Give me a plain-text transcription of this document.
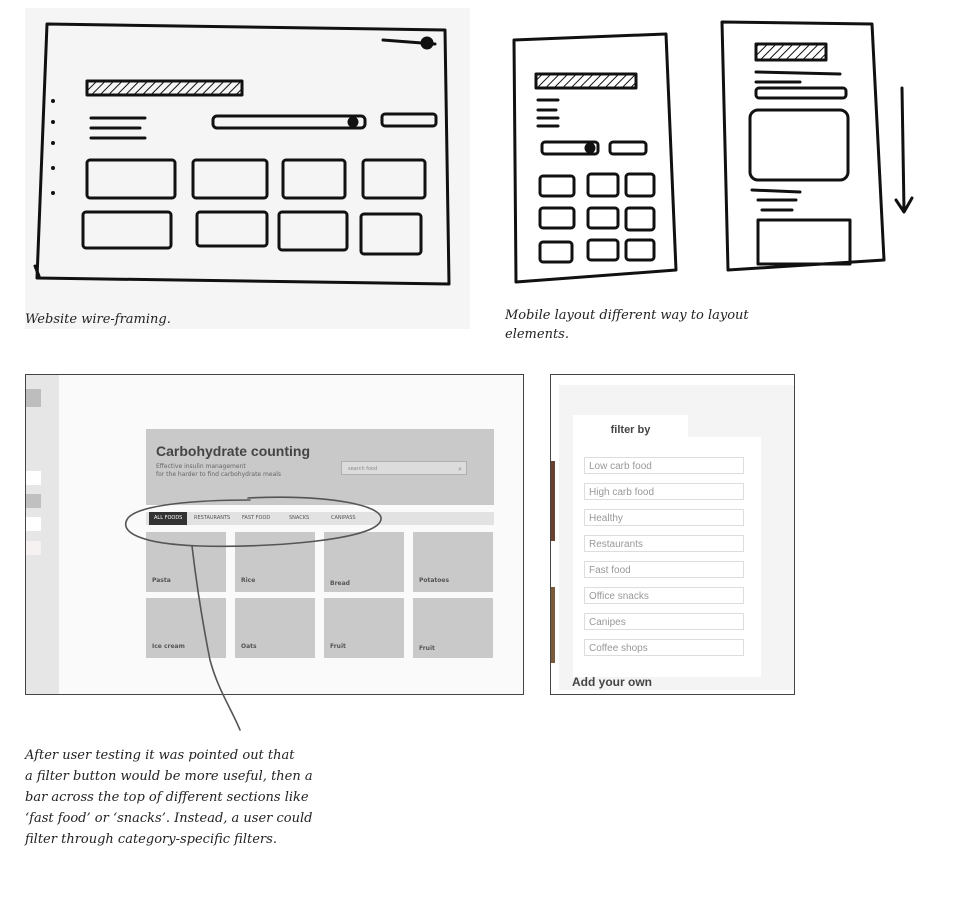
Website wire-framing.	Mobile layout different way to layout
elements.
Carbohydrate counting
Effective insulin management
for the harder to find carbohydrate meals
search food	⌕
ALL FOODS	RESTAURANTS FAST FOOD	SNACKS	CANIPASS
Pasta	Rice	Bread	Potatoes
Ice cream	Oats	Fruit	Fruit
filter by
Low carb food
High carb food
Healthy
Restaurants
Fast food
Office snacks
Canipes
Coffee shops
Add your own
After user testing it was pointed out that
a filter button would be more useful, then a
bar across the top of different sections like
‘fast food’ or ‘snacks’. Instead, a user could
filter through category-specific filters.
